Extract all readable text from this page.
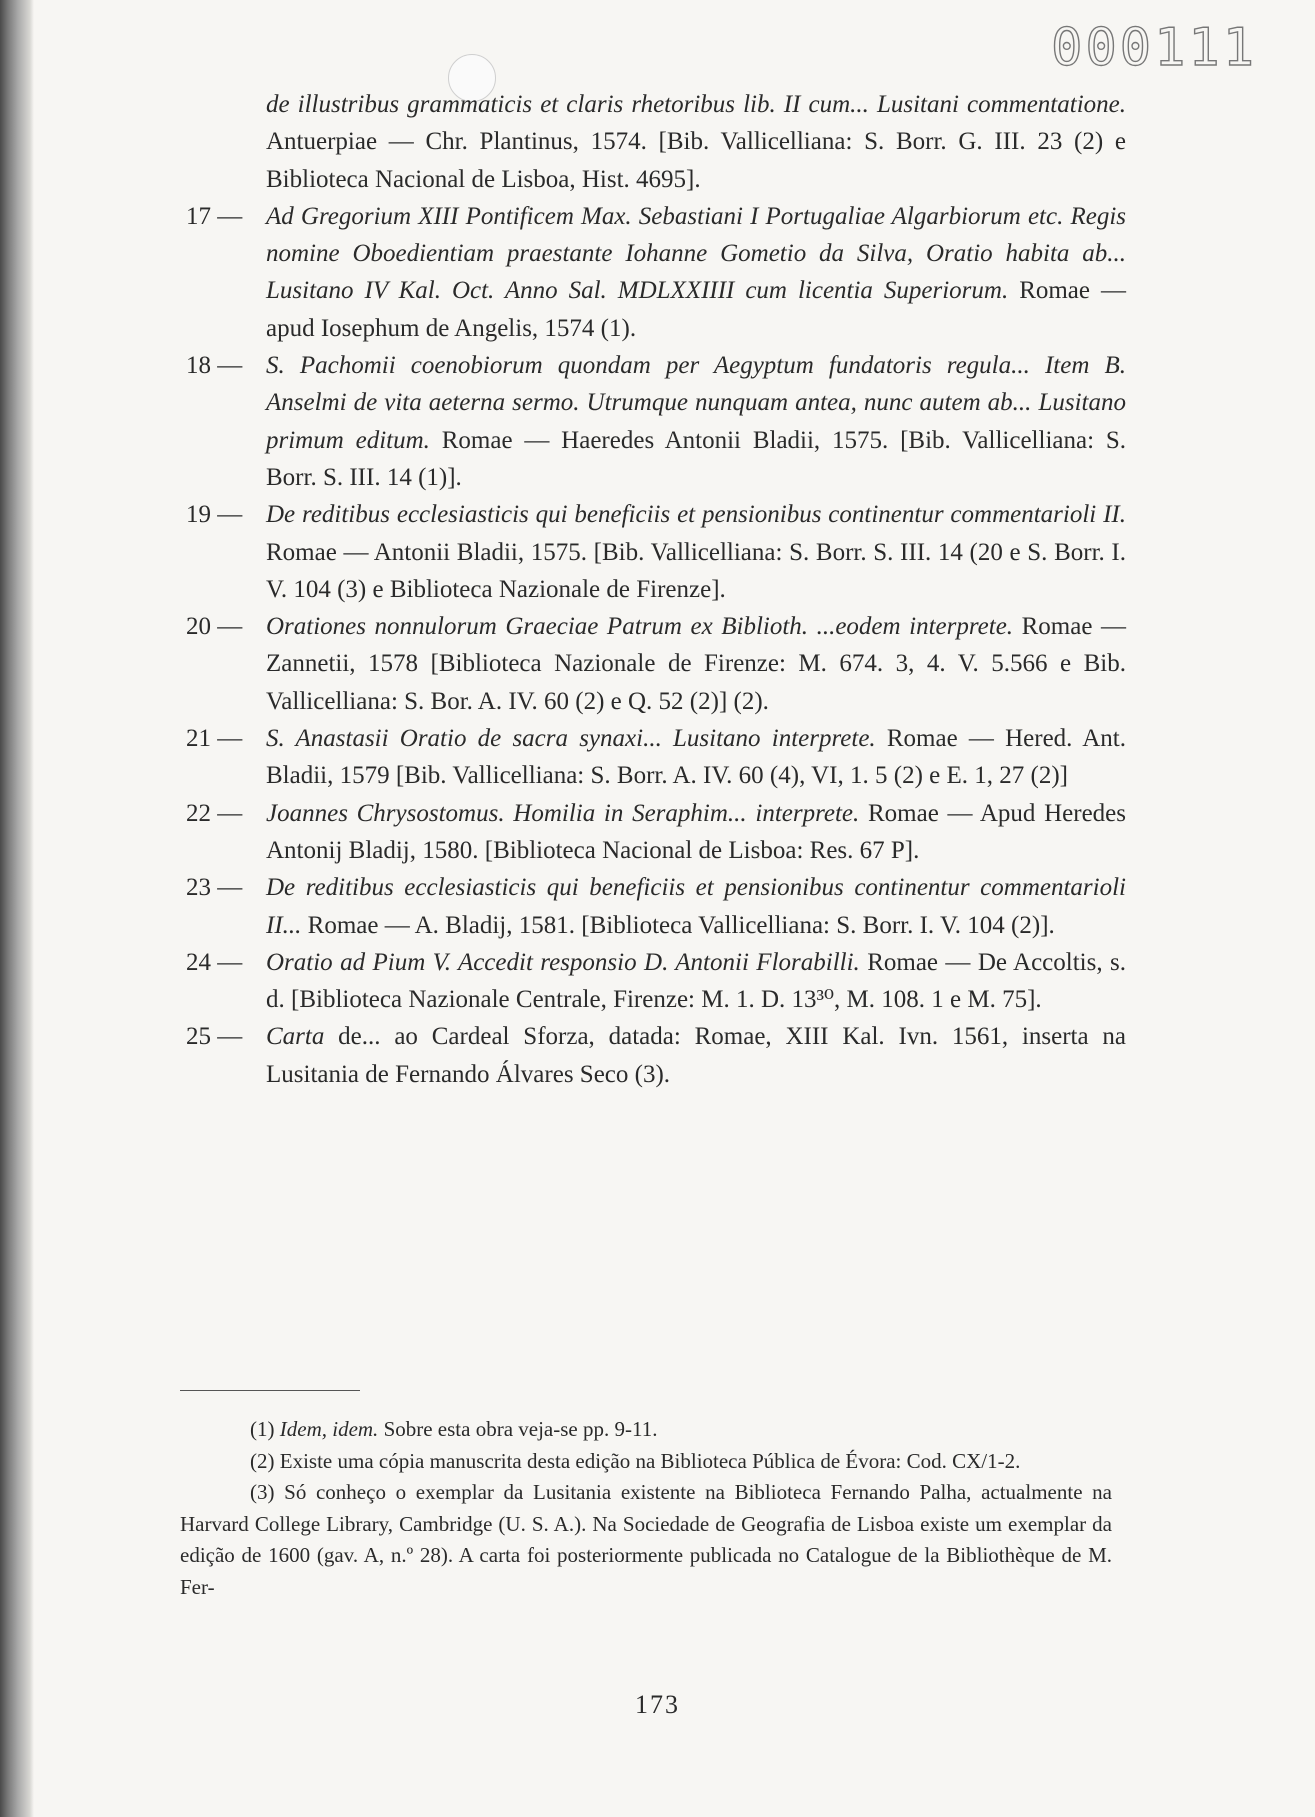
000111
de illustribus grammaticis et claris rhetoribus lib. II cum... Lusitani commentatione. Antuerpiae — Chr. Plantinus, 1574. [Bib. Vallicelliana: S. Borr. G. III. 23 (2) e Biblioteca Nacional de Lisboa, Hist. 4695].
17 — Ad Gregorium XIII Pontificem Max. Sebastiani I Portugaliae Algarbiorum etc. Regis nomine Oboedientiam praestante Iohanne Gometio da Silva, Oratio habita ab... Lusitano IV Kal. Oct. Anno Sal. MDLXXIIII cum licentia Superiorum. Romae — apud Iosephum de Angelis, 1574 (1).
18 — S. Pachomii coenobiorum quondam per Aegyptum fundatoris regula... Item B. Anselmi de vita aeterna sermo. Utrumque nunquam antea, nunc autem ab... Lusitano primum editum. Romae — Haeredes Antonii Bladii, 1575. [Bib. Vallicelliana: S. Borr. S. III. 14 (1)].
19 — De reditibus ecclesiasticis qui beneficiis et pensionibus continentur commentarioli II. Romae — Antonii Bladii, 1575. [Bib. Vallicelliana: S. Borr. S. III. 14 (20 e S. Borr. I. V. 104 (3) e Biblioteca Nazionale de Firenze].
20 — Orationes nonnulorum Graeciae Patrum ex Biblioth. ...eodem interprete. Romae — Zannetii, 1578 [Biblioteca Nazionale de Firenze: M. 674. 3, 4. V. 5.566 e Bib. Vallicelliana: S. Bor. A. IV. 60 (2) e Q. 52 (2)] (2).
21 — S. Anastasii Oratio de sacra synaxi... Lusitano interprete. Romae — Hered. Ant. Bladii, 1579 [Bib. Vallicelliana: S. Borr. A. IV. 60 (4), VI, 1. 5 (2) e E. 1, 27 (2)]
22 — Joannes Chrysostomus. Homilia in Seraphim... interprete. Romae — Apud Heredes Antonij Bladij, 1580. [Biblioteca Nacional de Lisboa: Res. 67 P].
23 — De reditibus ecclesiasticis qui beneficiis et pensionibus continentur commentarioli II... Romae — A. Bladij, 1581. [Biblioteca Vallicelliana: S. Borr. I. V. 104 (2)].
24 — Oratio ad Pium V. Accedit responsio D. Antonii Florabilli. Romae — De Accoltis, s. d. [Biblioteca Nazionale Centrale, Firenze: M. 1. D. 13³⁰, M. 108. 1 e M. 75].
25 — Carta de... ao Cardeal Sforza, datada: Romae, XIII Kal. Ivn. 1561, inserta na Lusitania de Fernando Álvares Seco (3).
(1) Idem, idem. Sobre esta obra veja-se pp. 9-11.
(2) Existe uma cópia manuscrita desta edição na Biblioteca Pública de Évora: Cod. CX/1-2.
(3) Só conheço o exemplar da Lusitania existente na Biblioteca Fernando Palha, actualmente na Harvard College Library, Cambridge (U. S. A.). Na Sociedade de Geografia de Lisboa existe um exemplar da edição de 1600 (gav. A, n.º 28). A carta foi posteriormente publicada no Catalogue de la Bibliothèque de M. Fer-
173
